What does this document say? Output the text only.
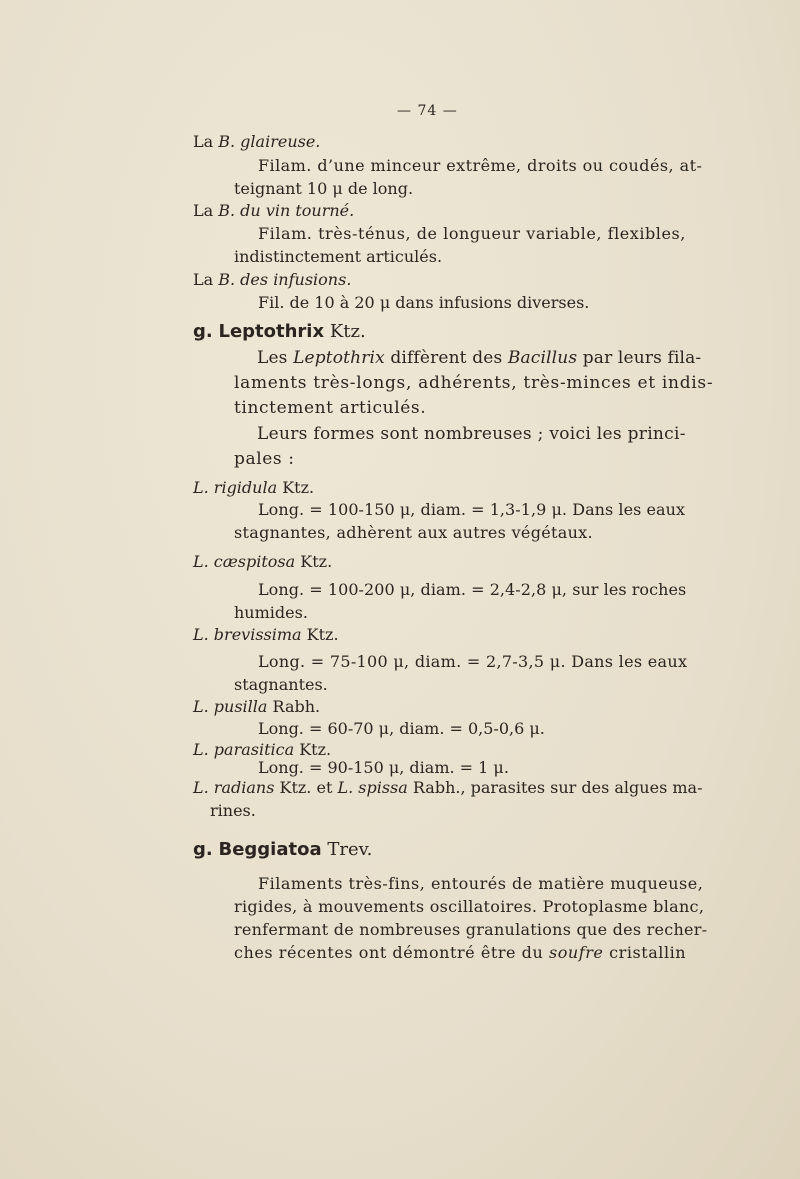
— 74 —
La B. glaireuse.
Filam. d’une minceur extrême, droits ou coudés, at-
teignant 10 μ de long.
La B. du vin tourné.
Filam. très-ténus, de longueur variable, flexibles,
indistinctement articulés.
La B. des infusions.
Fil. de 10 à 20 μ dans infusions diverses.
g. Leptothrix Ktz.
Les Leptothrix diffèrent des Bacillus par leurs fila-
laments très-longs, adhérents, très-minces et indis-
tinctement articulés.
Leurs formes sont nombreuses ; voici les princi-
pales :
L. rigidula Ktz.
Long. = 100-150 μ, diam. = 1,3-1,9 μ. Dans les eaux
stagnantes, adhèrent aux autres végétaux.
L. cæspitosa Ktz.
Long. = 100-200 μ, diam. = 2,4-2,8 μ, sur les roches
humides.
L. brevissima Ktz.
Long. = 75-100 μ, diam. = 2,7-3,5 μ. Dans les eaux
stagnantes.
L. pusilla Rabh.
Long. = 60-70 μ, diam. = 0,5-0,6 μ.
L. parasitica Ktz.
Long. = 90-150 μ, diam. = 1 μ.
L. radians Ktz. et L. spissa Rabh., parasites sur des algues ma-
rines.
g. Beggiatoa Trev.
Filaments très-fins, entourés de matière muqueuse,
rigides, à mouvements oscillatoires. Protoplasme blanc,
renfermant de nombreuses granulations que des recher-
ches récentes ont démontré être du soufre cristallin
